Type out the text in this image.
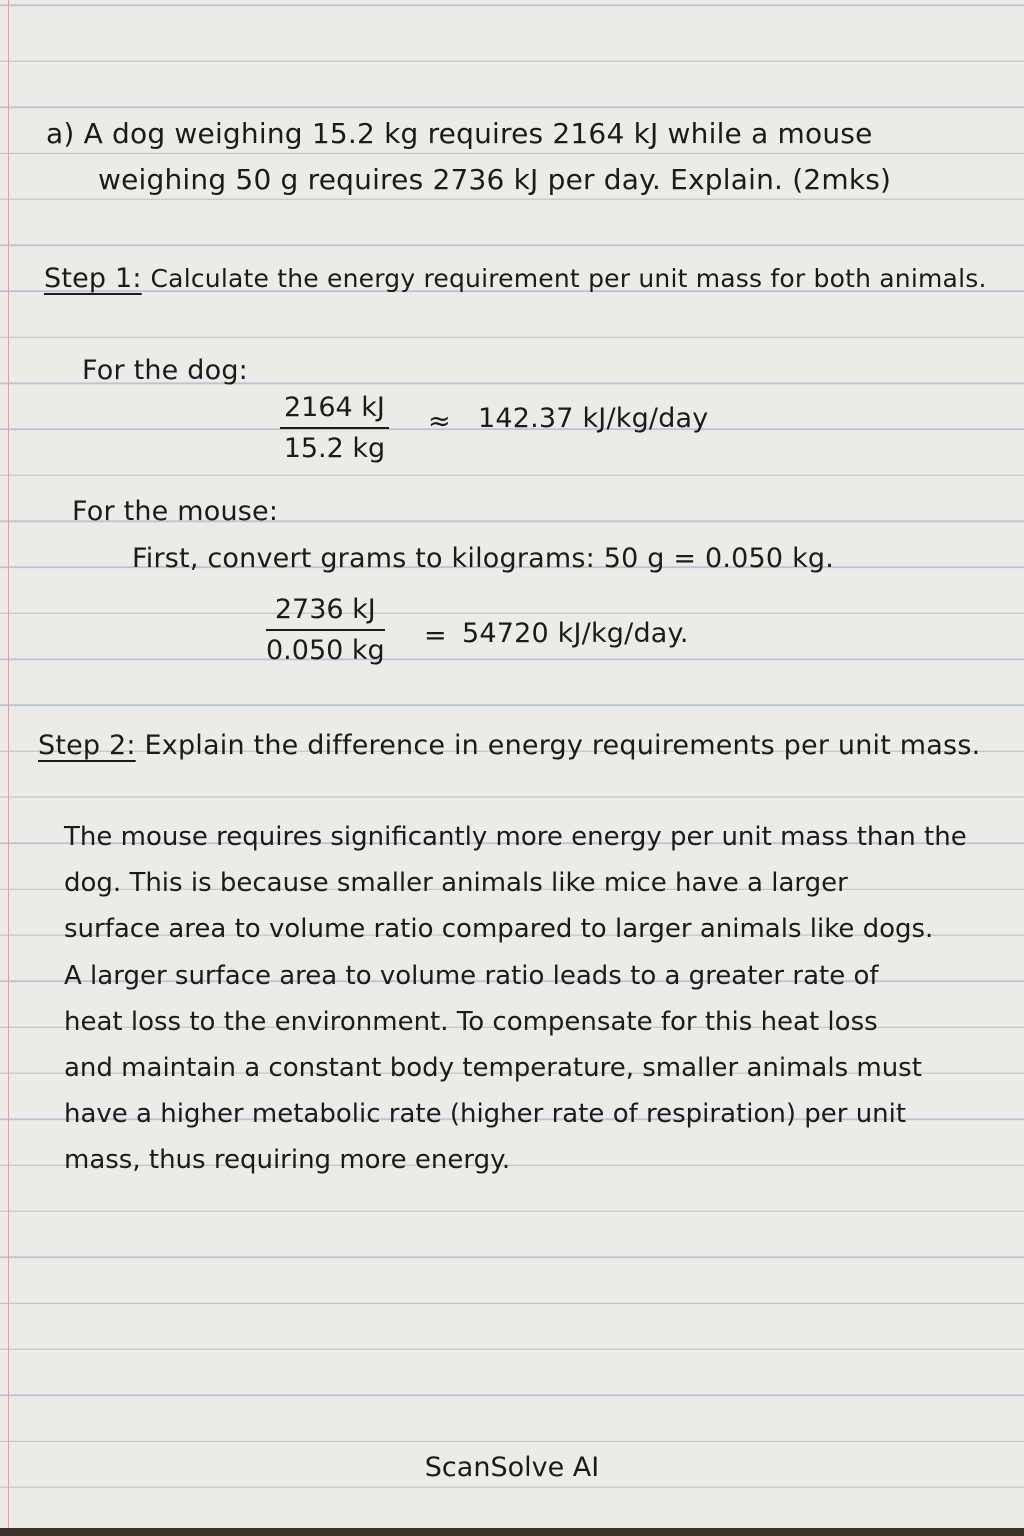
a) A dog weighing 15.2 kg requires 2164 kJ while a mouse
weighing 50 g requires 2736 kJ per day. Explain. (2mks)
Step 1: Calculate the energy requirement per unit mass for both animals.
For the dog:
$\frac{2164 kJ}{15.2 kg} \approx 142.37$ kJ/kg/day
For the mouse:
First, convert grams to kilograms: 50 g = 0.050 kg.
$\frac{2736 kJ}{0.050 kg} = 54720$ kJ/kg/day.
Step 2: Explain the difference in energy requirements per unit mass.
The mouse requires significantly more energy per unit mass than the
dog. This is because smaller animals like mice have a larger
surface area to volume ratio compared to larger animals like dogs.
A larger surface area to volume ratio leads to a greater rate of
heat loss to the environment. To compensate for this heat loss
and maintain a constant body temperature, smaller animals must
have a higher metabolic rate (higher rate of respiration) per unit
mass, thus requiring more energy.
ScanSolve AI
